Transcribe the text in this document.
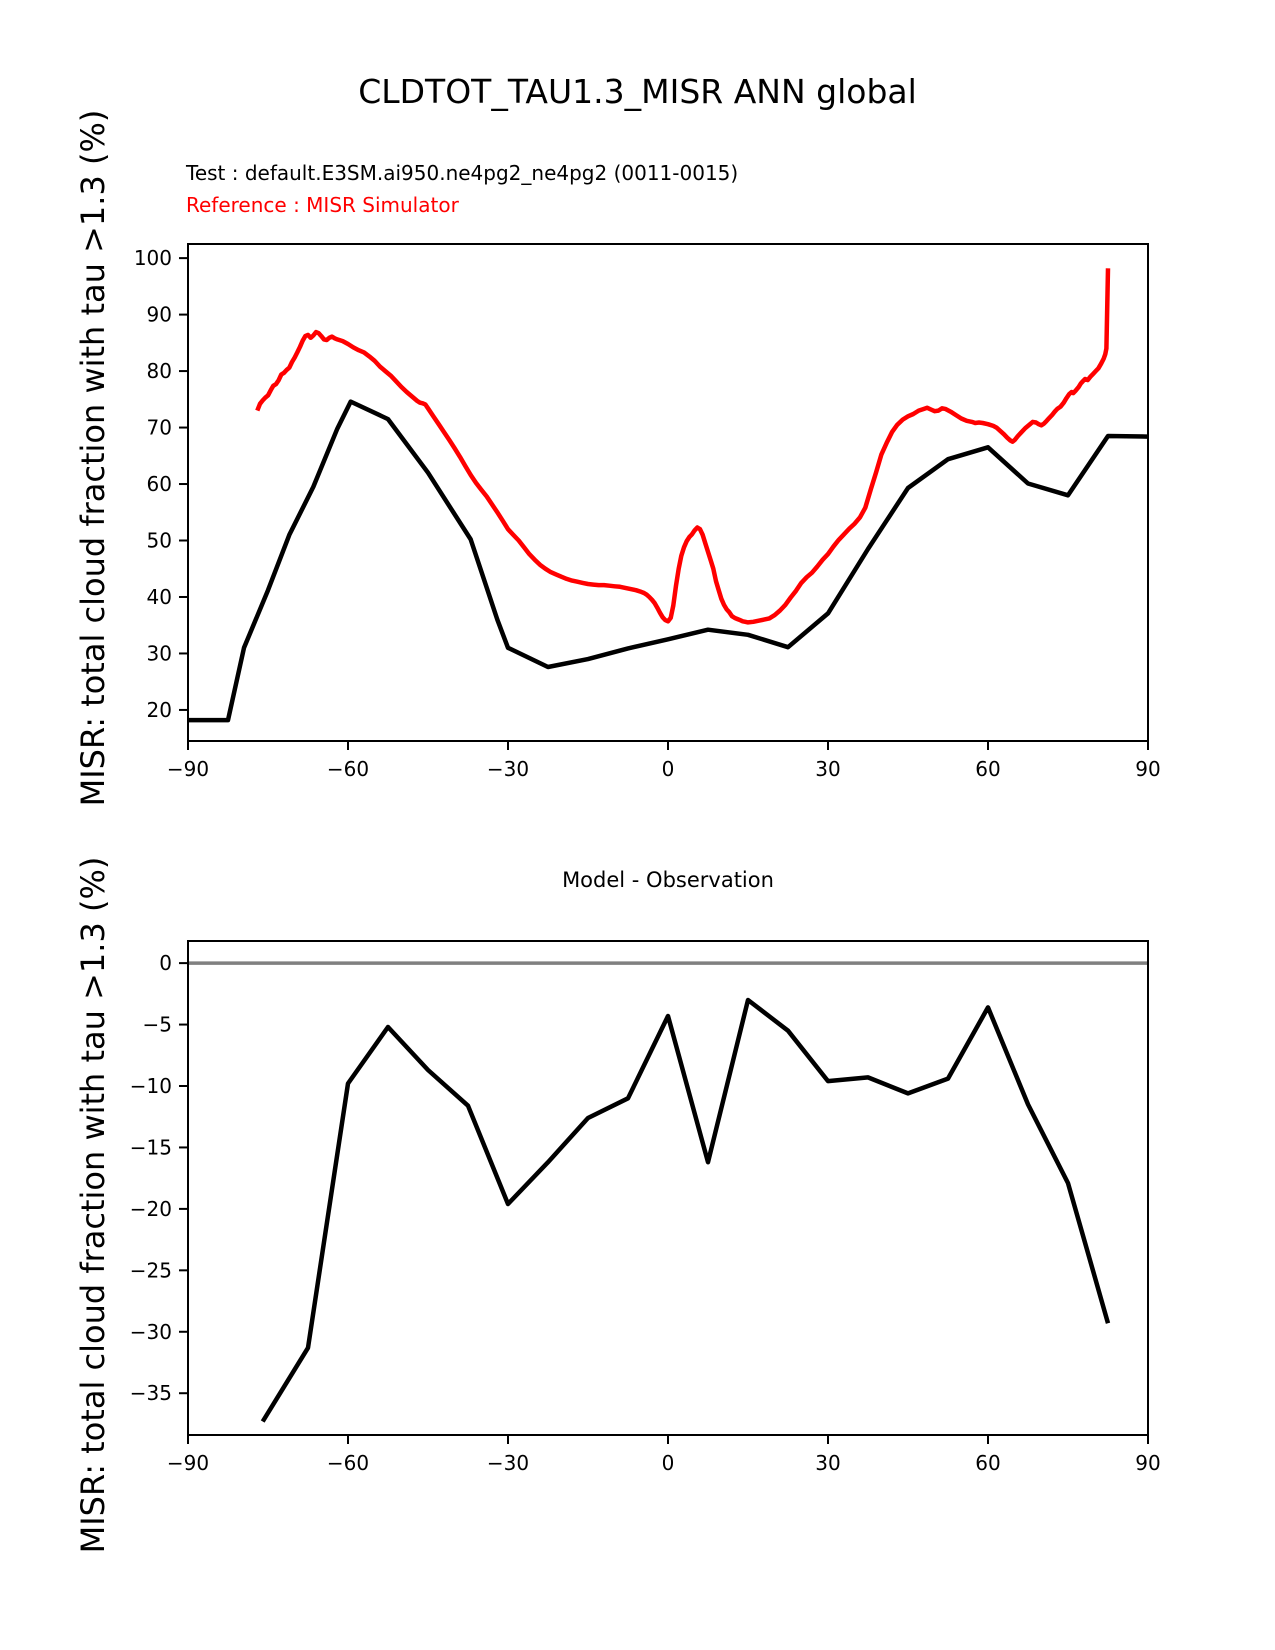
CLDTOT_TAU1.3_MISR ANN global
Test : default.E3SM.ai950.ne4pg2_ne4pg2 (0011-0015)
Reference : MISR Simulator
Model - Observation
MISR: total cloud fraction with tau >1.3 (%)
MISR: total cloud fraction with tau >1.3 (%)
−90	−60	−30	0	30	60	90
20
30
40
50
60
70
80
90
100
−90	−60	−30	0	30	60	90
0
−5
−10
−15
−20
−25
−30
−35
